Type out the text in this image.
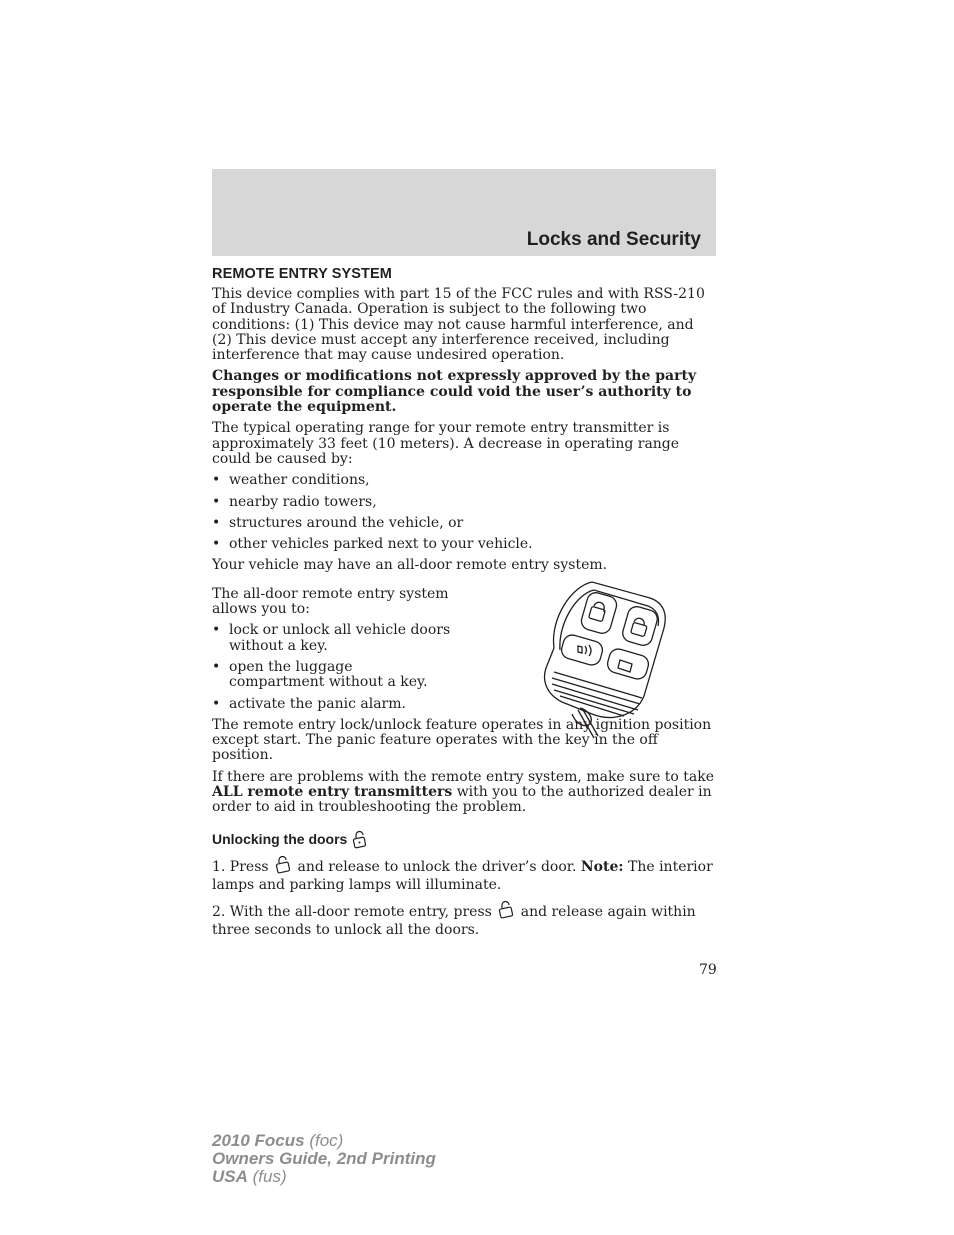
Locks and Security
REMOTE ENTRY SYSTEM

This device complies with part 15 of the FCC rules and with RSS-210 of Industry Canada. Operation is subject to the following two conditions: (1) This device may not cause harmful interference, and (2) This device must accept any interference received, including interference that may cause undesired operation.

Changes or modifications not expressly approved by the party responsible for compliance could void the user’s authority to operate the equipment.

The typical operating range for your remote entry transmitter is approximately 33 feet (10 meters). A decrease in operating range could be caused by:

• weather conditions,
• nearby radio towers,
• structures around the vehicle, or
• other vehicles parked next to your vehicle.

Your vehicle may have an all-door remote entry system.

The all-door remote entry system allows you to:

• lock or unlock all vehicle doors without a key.
• open the luggage compartment without a key.
• activate the panic alarm.

The remote entry lock/unlock feature operates in any ignition position except start. The panic feature operates with the key in the off position.

If there are problems with the remote entry system, make sure to take ALL remote entry transmitters with you to the authorized dealer in order to aid in troubleshooting the problem.

Unlocking the doors

1. Press  and release to unlock the driver’s door. Note: The interior lamps and parking lamps will illuminate.

2. With the all-door remote entry, press  and release again within three seconds to unlock all the doors.

79
2010 Focus (foc)
Owners Guide, 2nd Printing
USA (fus)
